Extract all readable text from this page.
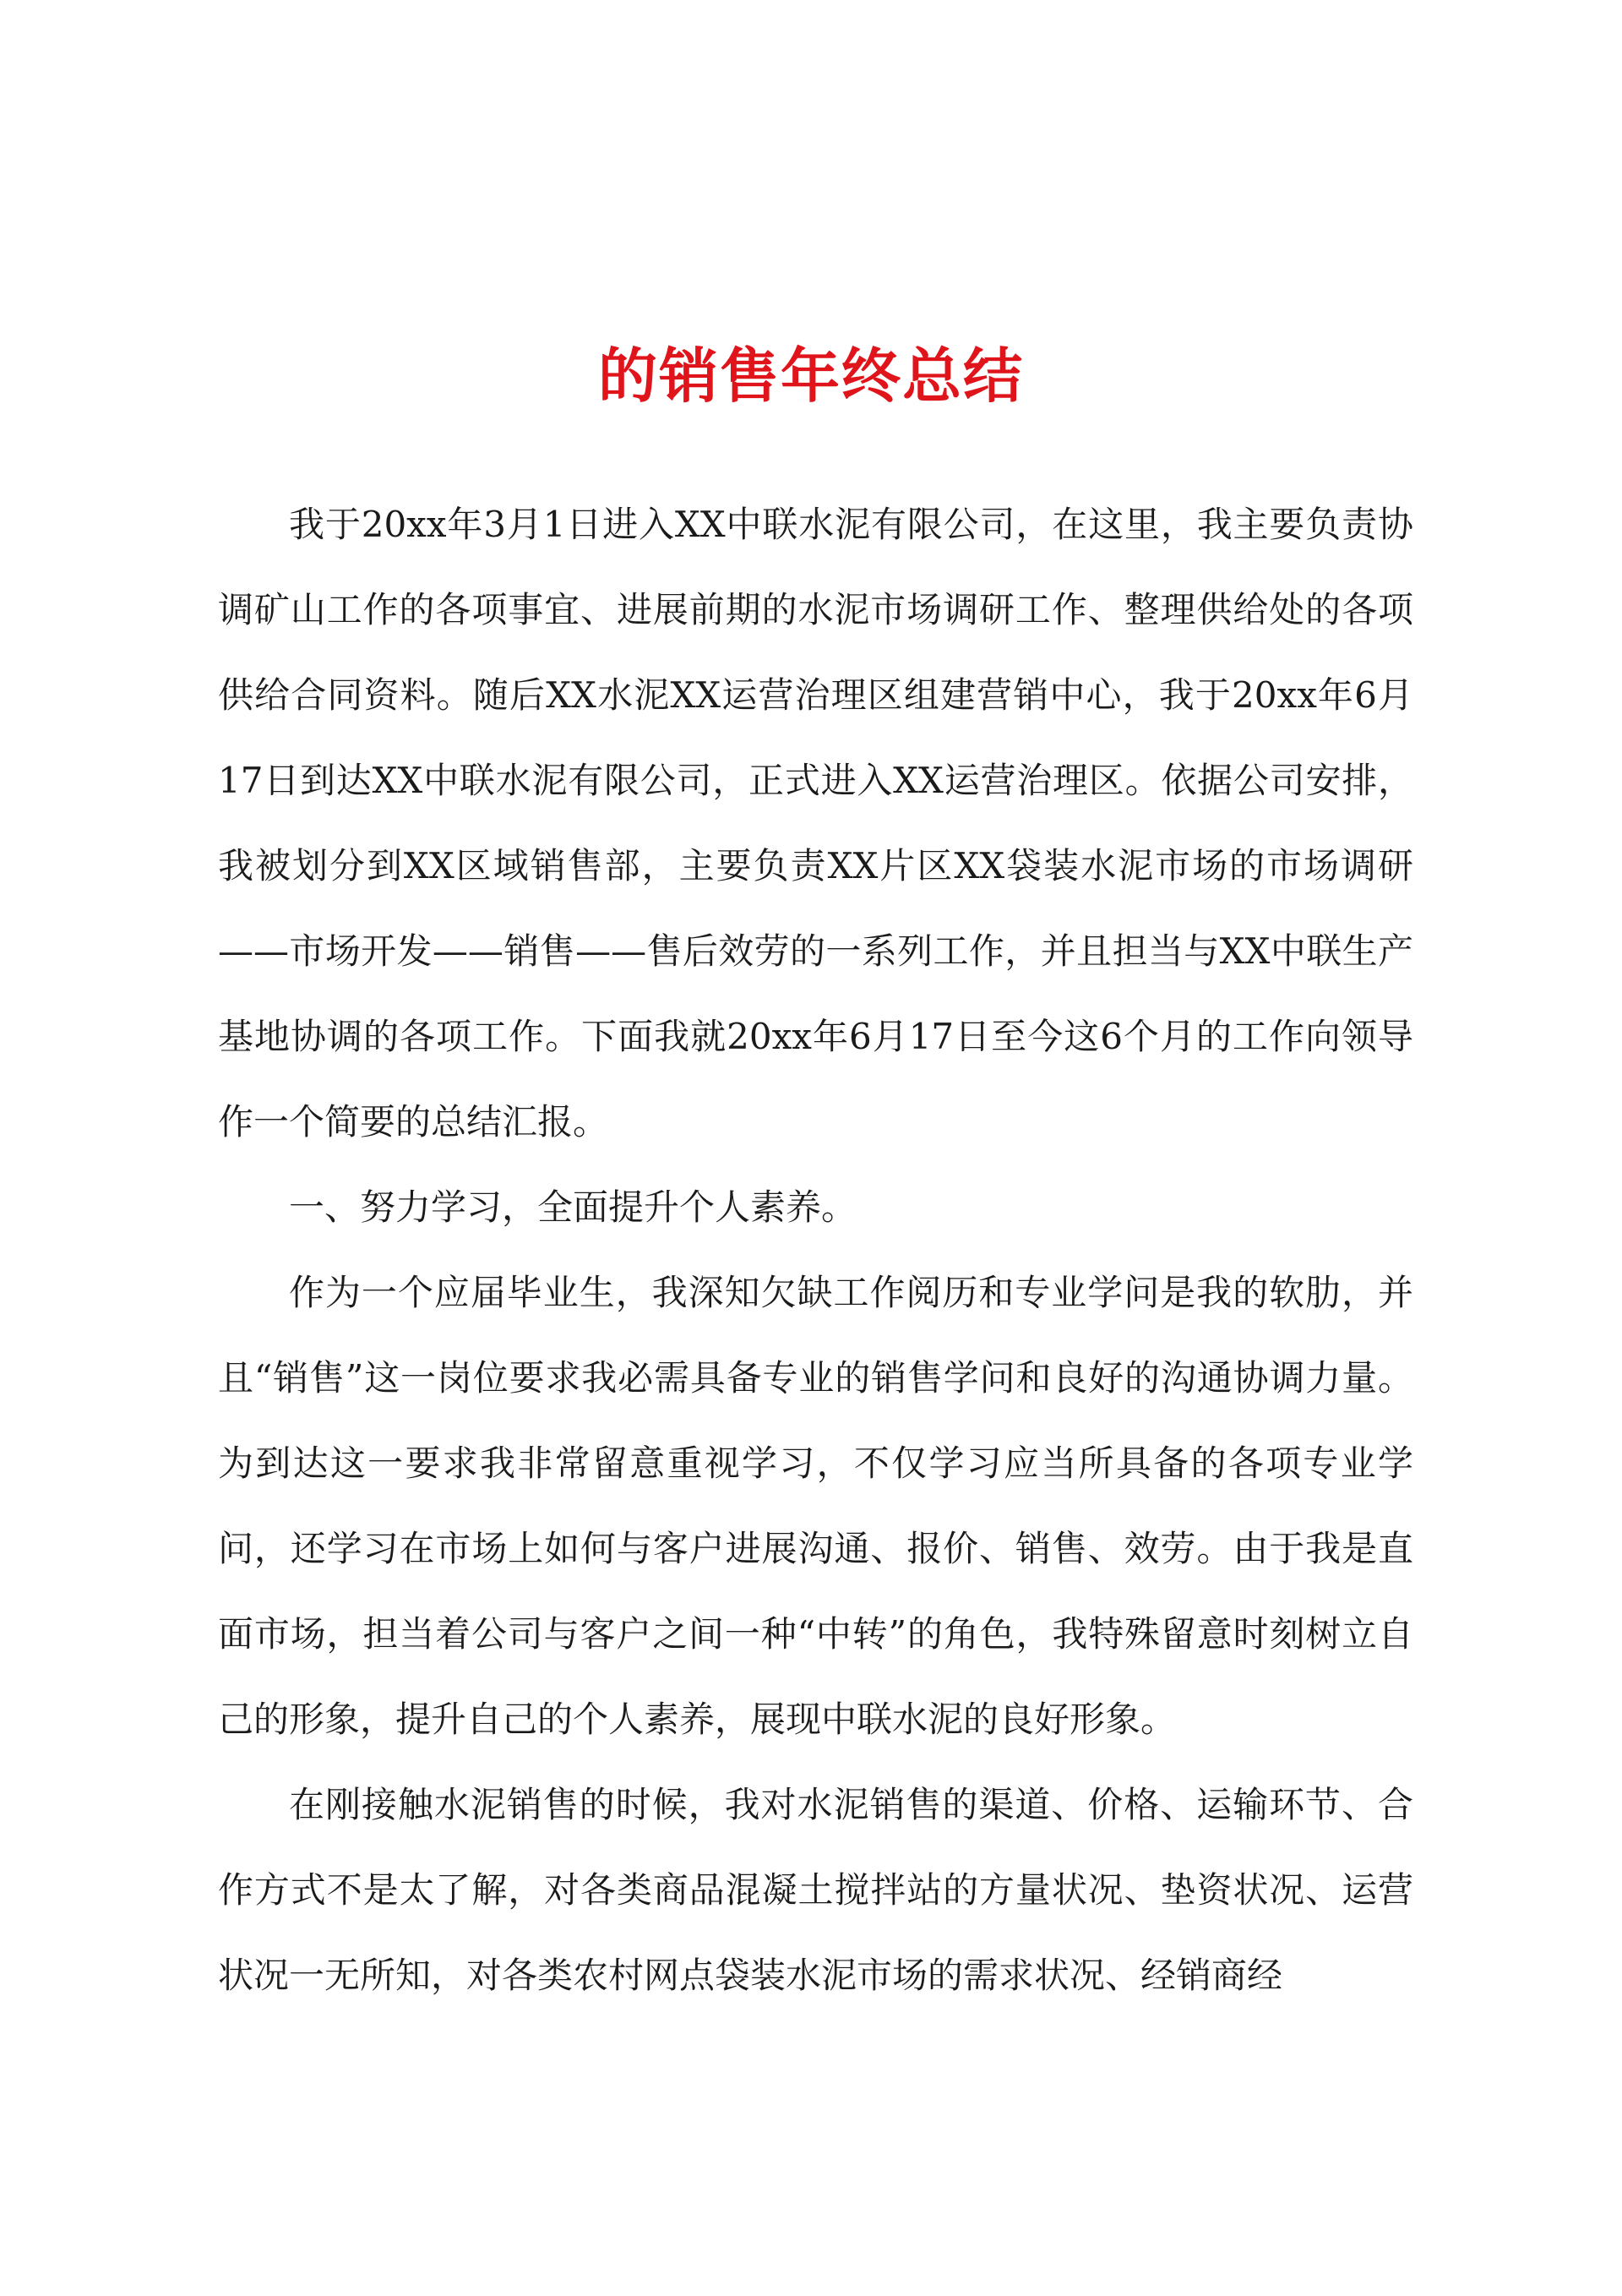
的销售年终总结

我于20xx年3月1日进入XX中联水泥有限公司，在这里，我主要负责协调矿山工作的各项事宜、进展前期的水泥市场调研工作、整理供给处的各项供给合同资料。随后XX水泥XX运营治理区组建营销中心，我于20xx年6月17日到达XX中联水泥有限公司，正式进入XX运营治理区。依据公司安排，我被划分到XX区域销售部，主要负责XX片区XX袋装水泥市场的市场调研——市场开发——销售——售后效劳的一系列工作，并且担当与XX中联生产基地协调的各项工作。下面我就20xx年6月17日至今这6个月的工作向领导作一个简要的总结汇报。

一、努力学习，全面提升个人素养。

作为一个应届毕业生，我深知欠缺工作阅历和专业学问是我的软肋，并且“销售”这一岗位要求我必需具备专业的销售学问和良好的沟通协调力量。为到达这一要求我非常留意重视学习，不仅学习应当所具备的各项专业学问，还学习在市场上如何与客户进展沟通、报价、销售、效劳。由于我是直面市场，担当着公司与客户之间一种“中转”的角色，我特殊留意时刻树立自己的形象，提升自己的个人素养，展现中联水泥的良好形象。

在刚接触水泥销售的时候，我对水泥销售的渠道、价格、运输环节、合作方式不是太了解，对各类商品混凝土搅拌站的方量状况、垫资状况、运营状况一无所知，对各类农村网点袋装水泥市场的需求状况、经销商经
